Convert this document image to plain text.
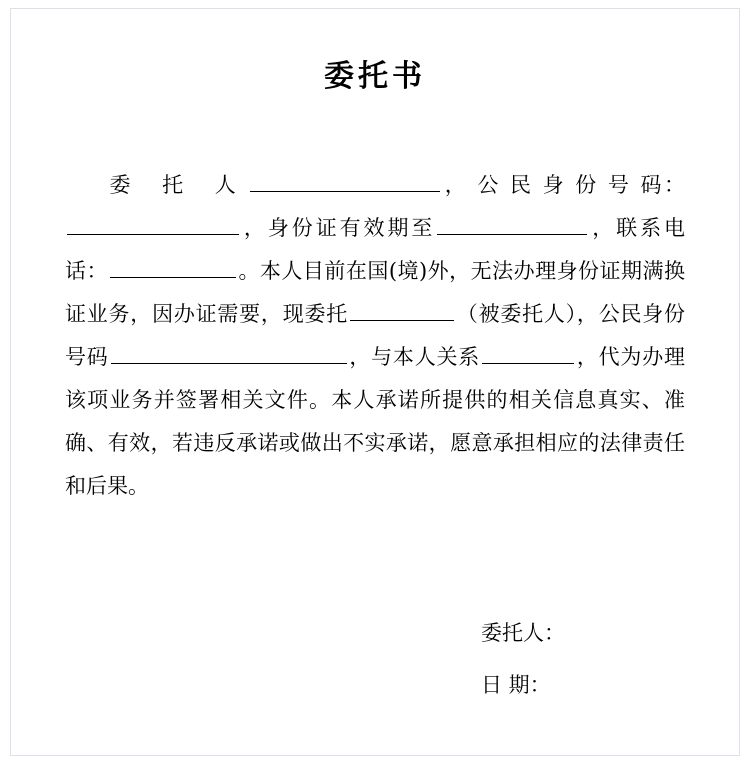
委托书

委 托 人	， 公 民 身 份 号 码：，身份证有效期至	，联系电话：	。本人目前在国(境)外，无法办理身份证期满换证业务，因办证需要，现委托	（被委托人），公民身份号码	，与本人关系	，代为办理该项业务并签署相关文件。本人承诺所提供的相关信息真实、准确、有效，若违反承诺或做出不实承诺，愿意承担相应的法律责任和后果。

委托人：
日 期：
